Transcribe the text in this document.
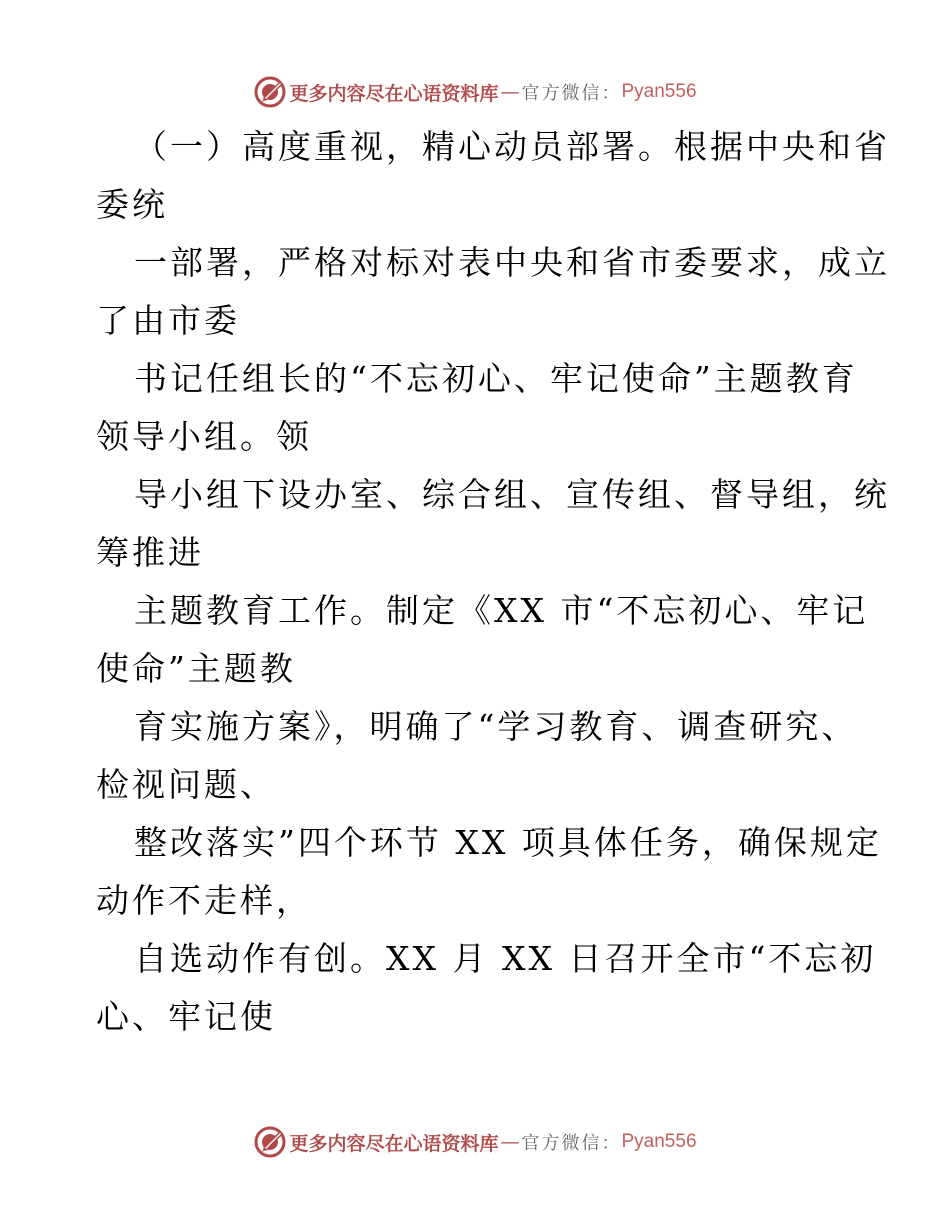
更多内容尽在心语资料库 — 官方微信： Pyan556

（一）高度重视，精心动员部署。根据中央和省
委统

一部署，严格对标对表中央和省市委要求，成立
了由市委

书记任组长的“不忘初心、牢记使命”主题教育
领导小组。领

导小组下设办室、综合组、宣传组、督导组，统
筹推进

主题教育工作。制定《XX 市“不忘初心、牢记
使命”主题教

育实施方案》，明确了“学习教育、调查研究、
检视问题、

整改落实”四个环节 XX 项具体任务，确保规定
动作不走样，

自选动作有创。XX 月 XX 日召开全市“不忘初
心、牢记使

更多内容尽在心语资料库 — 官方微信： Pyan556
